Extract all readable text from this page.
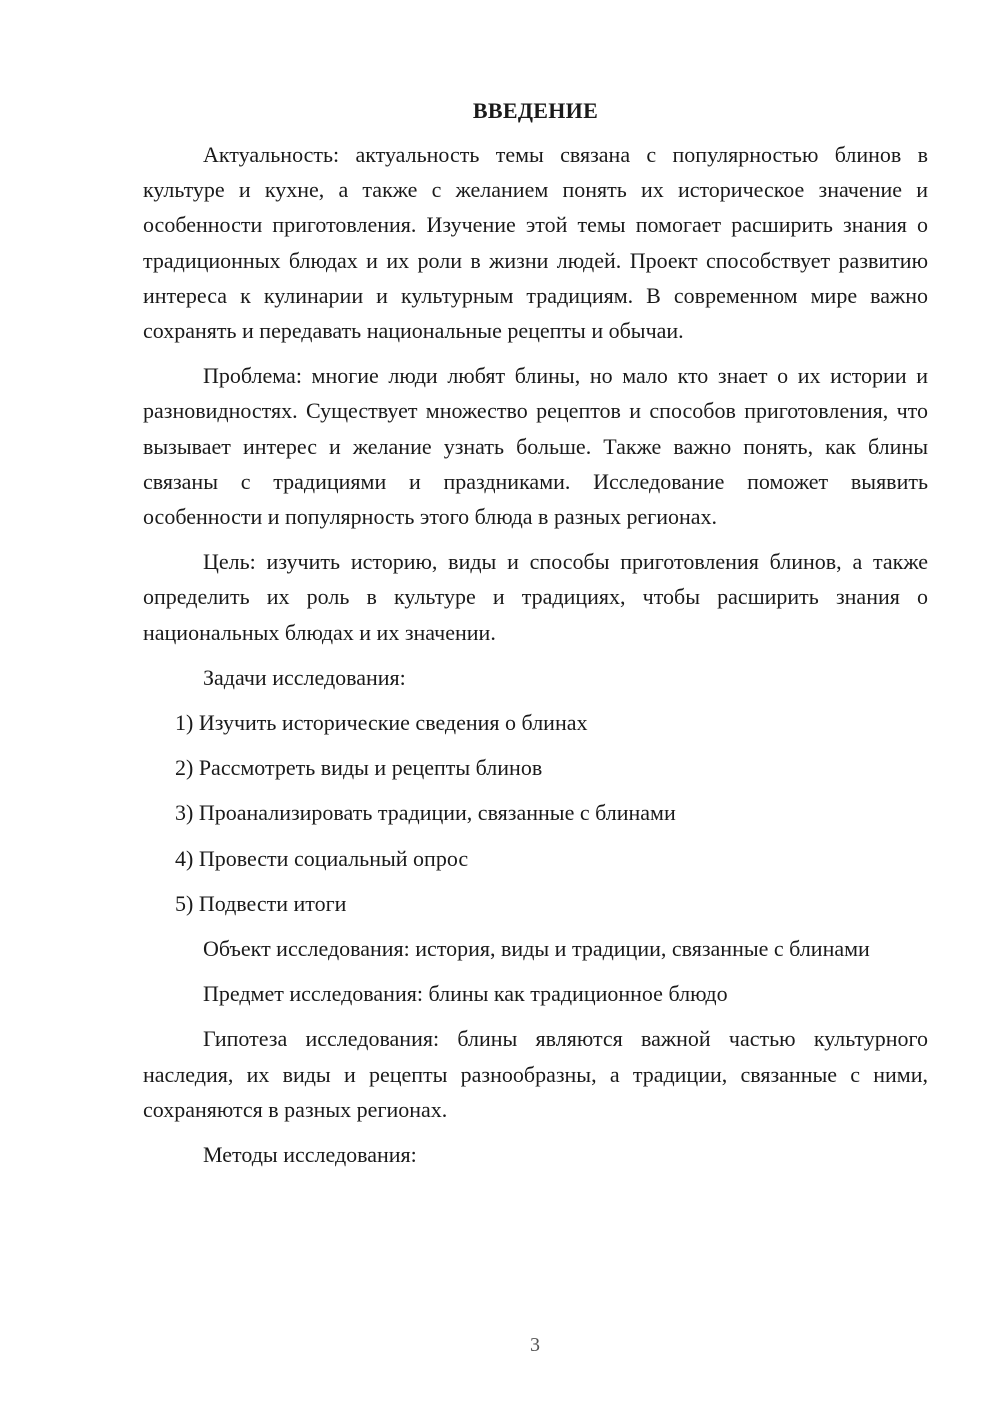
ВВЕДЕНИЕ

Актуальность: актуальность темы связана с популярностью блинов в культуре и кухне, а также с желанием понять их историческое значение и особенности приготовления. Изучение этой темы помогает расширить знания о традиционных блюдах и их роли в жизни людей. Проект способствует развитию интереса к кулинарии и культурным традициям. В современном мире важно сохранять и передавать национальные рецепты и обычаи.

Проблема: многие люди любят блины, но мало кто знает о их истории и разновидностях. Существует множество рецептов и способов приготовления, что вызывает интерес и желание узнать больше. Также важно понять, как блины связаны с традициями и праздниками. Исследование поможет выявить особенности и популярность этого блюда в разных регионах.

Цель: изучить историю, виды и способы приготовления блинов, а также определить их роль в культуре и традициях, чтобы расширить знания о национальных блюдах и их значении.

Задачи исследования:

1) Изучить исторические сведения о блинах

2) Рассмотреть виды и рецепты блинов

3) Проанализировать традиции, связанные с блинами

4) Провести социальный опрос

5) Подвести итоги

Объект исследования: история, виды и традиции, связанные с блинами

Предмет исследования: блины как традиционное блюдо

Гипотеза исследования: блины являются важной частью культурного наследия, их виды и рецепты разнообразны, а традиции, связанные с ними, сохраняются в разных регионах.

Методы исследования:

3
